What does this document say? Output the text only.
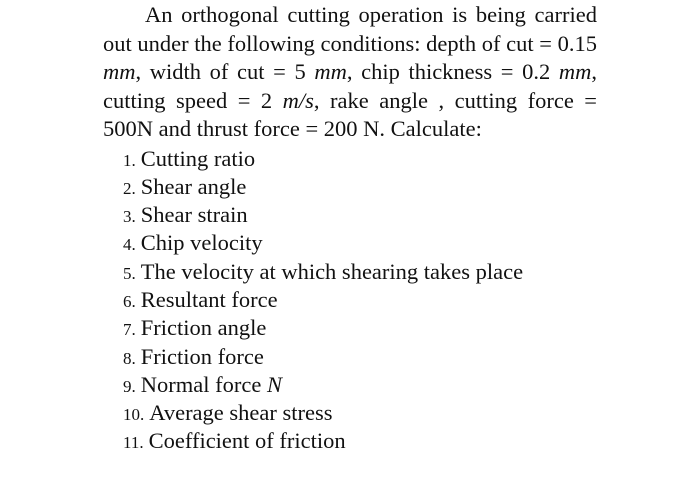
An orthogonal cutting operation is being carried out under the following conditions: depth of cut = 0.15 mm, width of cut = 5 mm, chip thickness = 0.2 mm, cutting speed = 2 m/s, rake angle , cutting force = 500N and thrust force = 200 N. Calculate:

1. Cutting ratio
2. Shear angle
3. Shear strain
4. Chip velocity
5. The velocity at which shearing takes place
6. Resultant force
7. Friction angle
8. Friction force
9. Normal force N
10. Average shear stress
11. Coefficient of friction
